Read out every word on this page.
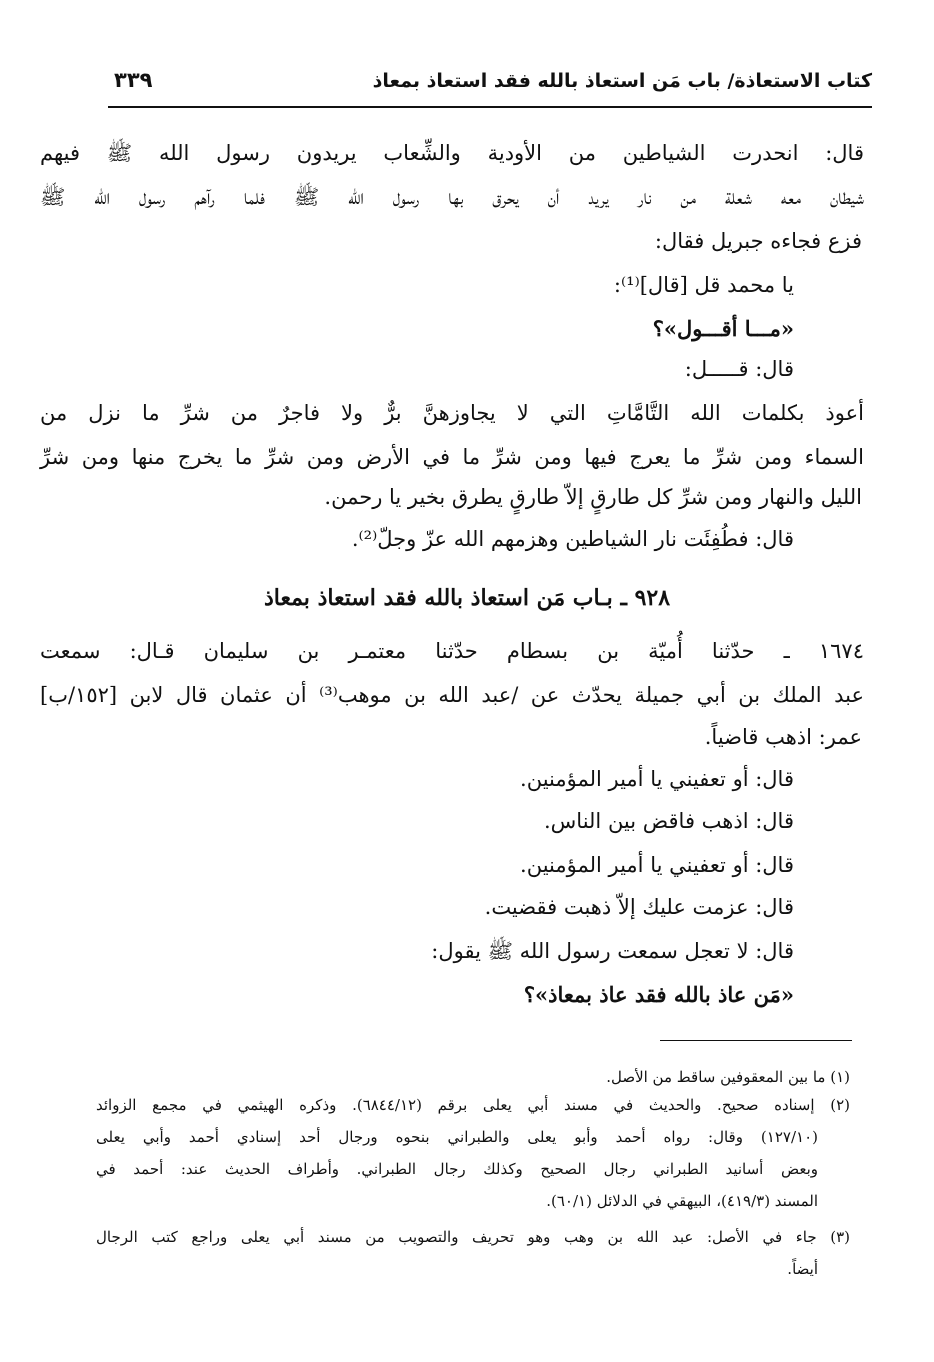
كتاب الاستعاذة/ باب مَن استعاذ بالله فقد استعاذ بمعاذ
٣٣٩
قال: انحدرت الشياطين من الأودية والشِّعاب يريدون رسول الله ﷺ فيهم
شيطان معه شعلة من نار يريد أن يحرق بها رسول الله ﷺ فلما رآهم رسول الله ﷺ
فزع فجاءه جبريل فقال:
يا محمد قل [قال]⁽¹⁾:
«مـــا أقـــول»؟
قال: قـــــل:
أعوذ بكلمات الله التَّامَّاتِ التي لا يجاوزهنَّ برٌّ ولا فاجرٌ من شرِّ ما نزل من
السماء ومن شرِّ ما يعرج فيها ومن شرِّ ما في الأرض ومن شرِّ ما يخرج منها ومن شرِّ
الليل والنهار ومن شرِّ كل طارقٍ إلاّ طارقٍ يطرق بخير يا رحمن.
قال: فطُفِئَت نار الشياطين وهزمهم الله عزّ وجلّ⁽²⁾.
٩٢٨ ـ بـاب مَن استعاذ بالله فقد استعاذ بمعاذ
١٦٧٤ ـ حدّثنا أُميّة بن بسطام حدّثنا معتمـر بن سليمان قـال: سمعت
عبد الملك بن أبي جميلة يحدّث عن /عبد الله بن موهب⁽³⁾ أن عثمان قال لابن [١٥٢/ب]
عمر: اذهب قاضياً.
قال: أو تعفيني يا أمير المؤمنين.
قال: اذهب فاقض بين الناس.
قال: أو تعفيني يا أمير المؤمنين.
قال: عزمت عليك إلاّ ذهبت فقضيت.
قال: لا تعجل سمعت رسول الله ﷺ يقول:
«مَن عاذ بالله فقد عاذ بمعاذ»؟
(١) ما بين المعقوفين ساقط من الأصل.
(٢) إسناده صحيح. والحديث في مسند أبي يعلى برقم (٦٨٤٤/١٢). وذكره الهيثمي في مجمع الزوائد
(١٢٧/١٠) وقال: رواه أحمد وأبو يعلى والطبراني بنحوه ورجال أحد إسنادي أحمد وأبي يعلى
وبعض أسانيد الطبراني رجال الصحيح وكذلك رجال الطبراني. وأطراف الحديث عند: أحمد في
المسند (٤١٩/٣)، البيهقي في الدلائل (٦٠/١).
(٣) جاء في الأصل: عبد الله بن وهب وهو تحريف والتصويب من مسند أبي يعلى وراجع كتب الرجال
أيضاً.
